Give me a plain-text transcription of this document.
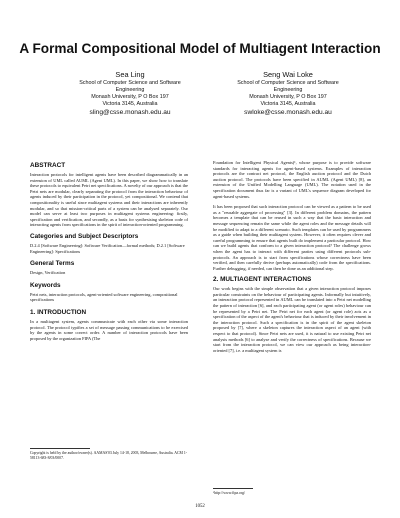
A Formal Compositional Model of Multiagent Interaction
Sea Ling
School of Computer Science and Software
Engineering
Monash University, P O Box 197
Victoria 3145, Australia
sling@csse.monash.edu.au
Seng Wai Loke
School of Computer Science and Software
Engineering
Monash University, P O Box 197
Victoria 3145, Australia
swloke@csse.monash.edu.au
ABSTRACT
Interaction protocols for intelligent agents have been described diagrammatically in an extension of UML called AUML (Agent UML). In this paper, we show how to translate these protocols to equivalent Petri net specifications. A novelty of our approach is that the Petri nets are modular, clearly separating the protocol from the interaction behaviour of agents induced by their participation in the protocol, yet compositional. We contend that compositionality is useful since multiagent systems and their interactions are inherently modular, and so that mission-critical parts of a system can be analysed separately. Our model can serve at least two purposes in multiagent systems engineering: firstly, specification and verification, and secondly, as a basis for synthesising skeleton code of interacting agents from specifications in the spirit of interaction-oriented programming.
Categories and Subject Descriptors
D.2.4 [Software Engineering]: Software Verification—formal methods; D.2.1 [Software Engineering]: Specifications
General Terms
Design, Verification
Keywords
Petri nets, interaction protocols, agent-oriented software engineering, compositional specifications
1. INTRODUCTION
In a multiagent system, agents communicate with each other via some interaction protocol. The protocol typifies a set of message passing communications to be exercised by the agents in some correct order. A number of interaction protocols have been proposed by the organization FIPA (The
Copyright is held by the author/owner(s). AAMAS'03 July 14-18, 2003, Melbourne, Australia. ACM 1-58113-683-8/03/0007.
Foundation for Intelligent Physical Agents)¹, whose purpose is to provide software standards for interacting agents for agent-based systems. Examples of interaction protocols are the contract net protocol, the English auction protocol and the Dutch auction protocol. The protocols have been specified in AUML (Agent UML) [8], an extension of the Unified Modelling Language (UML). The notation used in the specification document thus far is a variant of UML's sequence diagram developed for agent-based systems.
It has been proposed that such interaction protocol can be viewed as a pattern to be used as a "reusable aggregate of processing" [3]. In different problem domains, the pattern becomes a template that can be reused in such a way that the basic interaction and message sequencing remain the same while the agent roles and the message details will be modified to adapt to a different scenario. Such templates can be used by programmers as a guide when building their multiagent system. However, it often requires clever and careful programming to ensure that agents built do implement a particular protocol. How can we build agents that conform to a given interaction protocol? The challenge grows when the agent has to interact with different parties using different protocols sub-protocols. An approach is to start from specifications whose correctness have been verified, and then carefully derive (perhaps automatically) code from the specifications. Further debugging, if needed, can then be done as an additional step.
2. MULTIAGENT INTERACTIONS
Our work begins with the simple observation that a given interaction protocol imposes particular constraints on the behaviour of participating agents. Informally but intuitively, an interaction protocol represented in AUML can be translated into a Petri net modelling the pattern of interaction [6], and each participating agent (or agent roles) behaviour can be represented by a Petri net. The Petri net for each agent (or agent role) acts as a specification of the aspect of the agent's behaviour that is induced by their involvement in the interaction protocol. Such a specification is in the spirit of the agent skeleton proposed by [7], where a skeleton captures the interaction aspect of an agent (with respect to that protocol). Since Petri nets are used, it is natural to use existing Petri net analysis methods [6] to analyse and verify the correctness of specifications. Because we start from the interaction protocol, we can view our approach as being interaction-oriented [7], i.e. a multiagent system is
¹http://www.fipa.org/
1052
